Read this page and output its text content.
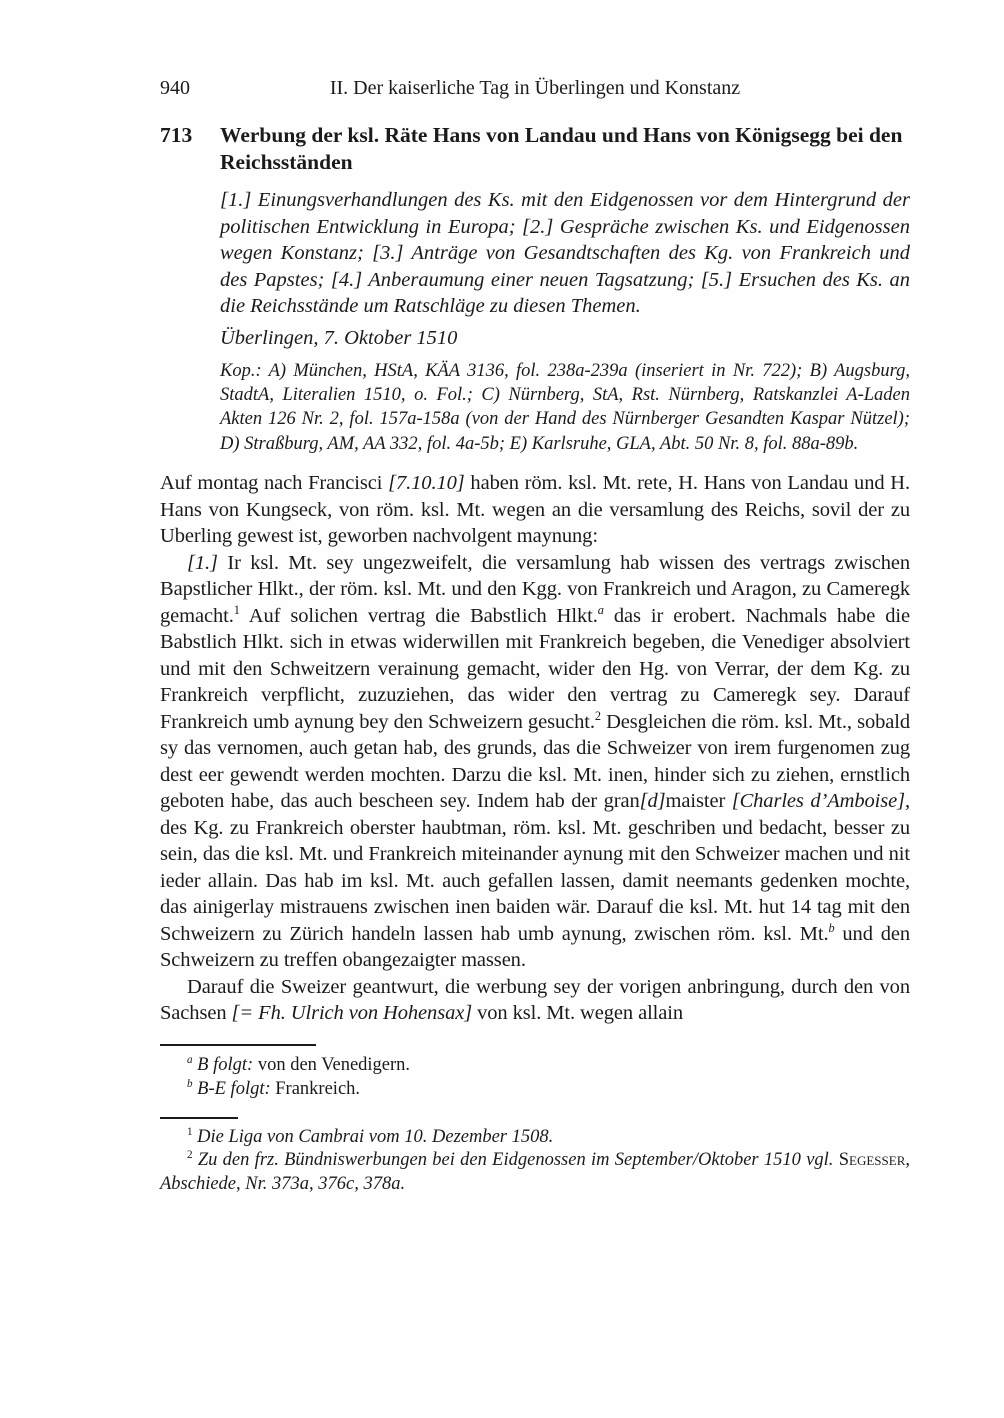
940	II. Der kaiserliche Tag in Überlingen und Konstanz
713	Werbung der ksl. Räte Hans von Landau und Hans von Königsegg bei den Reichsständen

[1.] Einungsverhandlungen des Ks. mit den Eidgenossen vor dem Hintergrund der politischen Entwicklung in Europa; [2.] Gespräche zwischen Ks. und Eidgenossen wegen Konstanz; [3.] Anträge von Gesandtschaften des Kg. von Frankreich und des Papstes; [4.] Anberaumung einer neuen Tagsatzung; [5.] Ersuchen des Ks. an die Reichsstände um Ratschläge zu diesen Themen.

Überlingen, 7. Oktober 1510

Kop.: A) München, HStA, KÄA 3136, fol. 238a-239a (inseriert in Nr. 722); B) Augsburg, StadtA, Literalien 1510, o. Fol.; C) Nürnberg, StA, Rst. Nürnberg, Ratskanzlei A-Laden Akten 126 Nr. 2, fol. 157a-158a (von der Hand des Nürnberger Gesandten Kaspar Nützel); D) Straßburg, AM, AA 332, fol. 4a-5b; E) Karlsruhe, GLA, Abt. 50 Nr. 8, fol. 88a-89b.

Auf montag nach Francisci [7.10.10] haben röm. ksl. Mt. rete, H. Hans von Landau und H. Hans von Kungseck, von röm. ksl. Mt. wegen an die versamlung des Reichs, sovil der zu Uberling gewest ist, geworben nachvolgent maynung:

[1.] Ir ksl. Mt. sey ungezweifelt, die versamlung hab wissen des vertrags zwischen Bapstlicher Hlkt., der röm. ksl. Mt. und den Kgg. von Frankreich und Aragon, zu Cameregk gemacht.$^1$ Auf solichen vertrag die Babstlich Hlkt.$^a$ das ir erobert. Nachmals habe die Babstlich Hlkt. sich in etwas widerwillen mit Frankreich begeben, die Venediger absolviert und mit den Schweitzern verainung gemacht, wider den Hg. von Verrar, der dem Kg. zu Frankreich verpflicht, zuzuziehen, das wider den vertrag zu Cameregk sey. Darauf Frankreich umb aynung bey den Schweizern gesucht.$^2$ Desgleichen die röm. ksl. Mt., sobald sy das vernomen, auch getan hab, des grunds, das die Schweizer von irem furgenomen zug dest eer gewendt werden mochten. Darzu die ksl. Mt. inen, hinder sich zu ziehen, ernstlich geboten habe, das auch bescheen sey. Indem hab der gran[d]maister [Charles d’Amboise], des Kg. zu Frankreich oberster haubtman, röm. ksl. Mt. geschriben und bedacht, besser zu sein, das die ksl. Mt. und Frankreich miteinander aynung mit den Schweizer machen und nit ieder allain. Das hab im ksl. Mt. auch gefallen lassen, damit neemants gedenken mochte, das ainigerlay mistrauens zwischen inen baiden wär. Darauf die ksl. Mt. hut 14 tag mit den Schweizern zu Zürich handeln lassen hab umb aynung, zwischen röm. ksl. Mt.$^b$ und den Schweizern zu treffen obangezaigter massen.

Darauf die Sweizer geantwurt, die werbung sey der vorigen anbringung, durch den von Sachsen [= Fh. Ulrich von Hohensax] von ksl. Mt. wegen allain

$^a$ B folgt: von den Venedigern.

$^b$ B-E folgt: Frankreich.

$^1$ Die Liga von Cambrai vom 10. Dezember 1508.

$^2$ Zu den frz. Bündniswerbungen bei den Eidgenossen im September/Oktober 1510 vgl. Segesser, Abschiede, Nr. 373a, 376c, 378a.
